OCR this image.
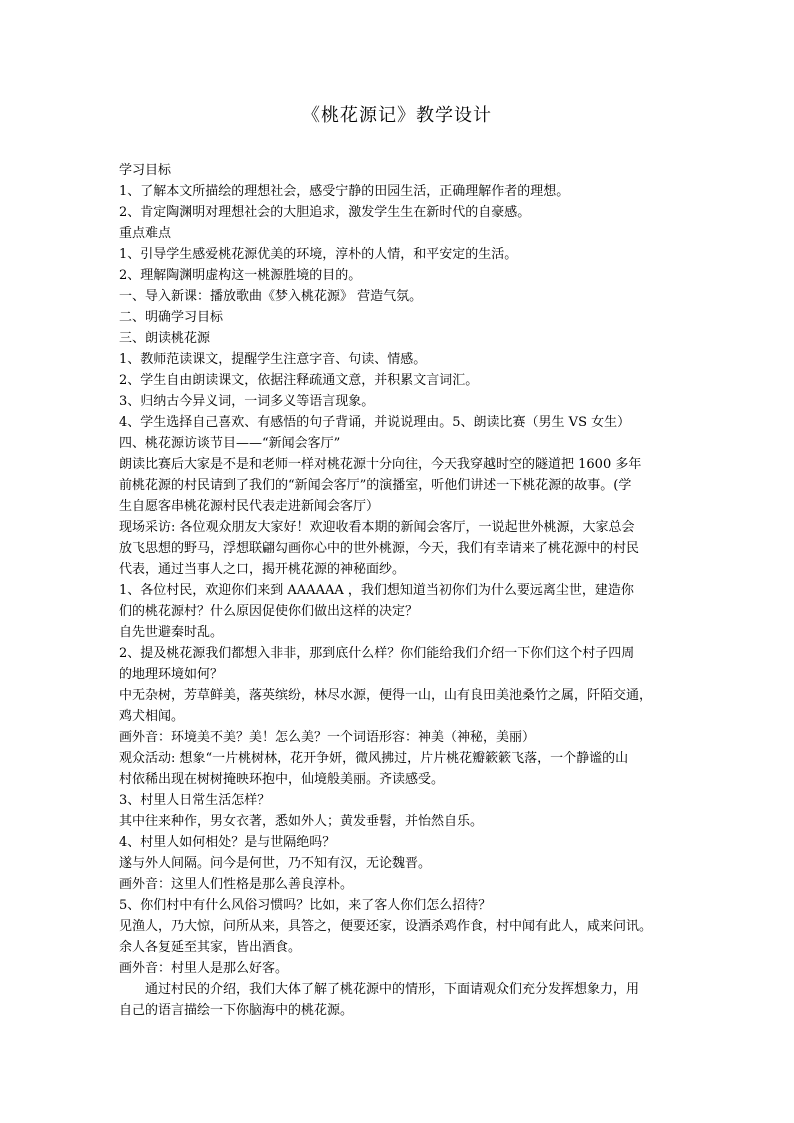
《桃花源记》教学设计
学习目标
1、了解本文所描绘的理想社会，感受宁静的田园生活，正确理解作者的理想。
2、肯定陶渊明对理想社会的大胆追求，激发学生生在新时代的自豪感。
重点难点
1、引导学生感爱桃花源优美的环境，淳朴的人情，和平安定的生活。
2、理解陶渊明虚构这一桃源胜境的目的。
一、导入新课：播放歌曲《梦入桃花源》 营造气氛。
二、明确学习目标
三、朗读桃花源
1、教师范读课文，提醒学生注意字音、句读、情感。
2、学生自由朗读课文，依据注释疏通文意，并积累文言词汇。
3、归纳古今异义词，一词多义等语言现象。
4、学生选择自己喜欢、有感悟的句子背诵，并说说理由。5、朗读比赛（男生 VS 女生）
四、桃花源访谈节目——“新闻会客厅”
朗读比赛后大家是不是和老师一样对桃花源十分向往，今天我穿越时空的隧道把 1600 多年
前桃花源的村民请到了我们的“新闻会客厅”的演播室，听他们讲述一下桃花源的故事。(学
生自愿客串桃花源村民代表走进新闻会客厅）
现场采访: 各位观众朋友大家好！欢迎收看本期的新闻会客厅，一说起世外桃源，大家总会
放飞思想的野马，浮想联翩勾画你心中的世外桃源，今天，我们有幸请来了桃花源中的村民
代表，通过当事人之口，揭开桃花源的神秘面纱。
1、各位村民，欢迎你们来到 AAAAAA ，我们想知道当初你们为什么要远离尘世，建造你
们的桃花源村？什么原因促使你们做出这样的决定？
自先世避秦时乱。
2、提及桃花源我们都想入非非，那到底什么样？你们能给我们介绍一下你们这个村子四周
的地理环境如何？
中无杂树，芳草鲜美，落英缤纷，林尽水源，便得一山，山有良田美池桑竹之属，阡陌交通，
鸡犬相闻。
画外音：环境美不美？美！怎么美？一个词语形容：神美（神秘，美丽）
观众活动: 想象“一片桃树林，花开争妍，微风拂过，片片桃花瓣簌簌飞落，一个静谧的山
村依稀出现在树树掩映环抱中，仙境般美丽。齐读感受。
3、村里人日常生活怎样？
其中往来种作，男女衣著，悉如外人；黄发垂髫，并怡然自乐。
4、村里人如何相处？是与世隔绝吗？
遂与外人间隔。问今是何世，乃不知有汉，无论魏晋。
画外音：这里人们性格是那么善良淳朴。
5、你们村中有什么风俗习惯吗？比如，来了客人你们怎么招待？
见渔人，乃大惊，问所从来，具答之，便要还家，设酒杀鸡作食，村中闻有此人，咸来问讯。
余人各复延至其家，皆出酒食。
画外音：村里人是那么好客。
　　通过村民的介绍，我们大体了解了桃花源中的情形，下面请观众们充分发挥想象力，用
自己的语言描绘一下你脑海中的桃花源。
